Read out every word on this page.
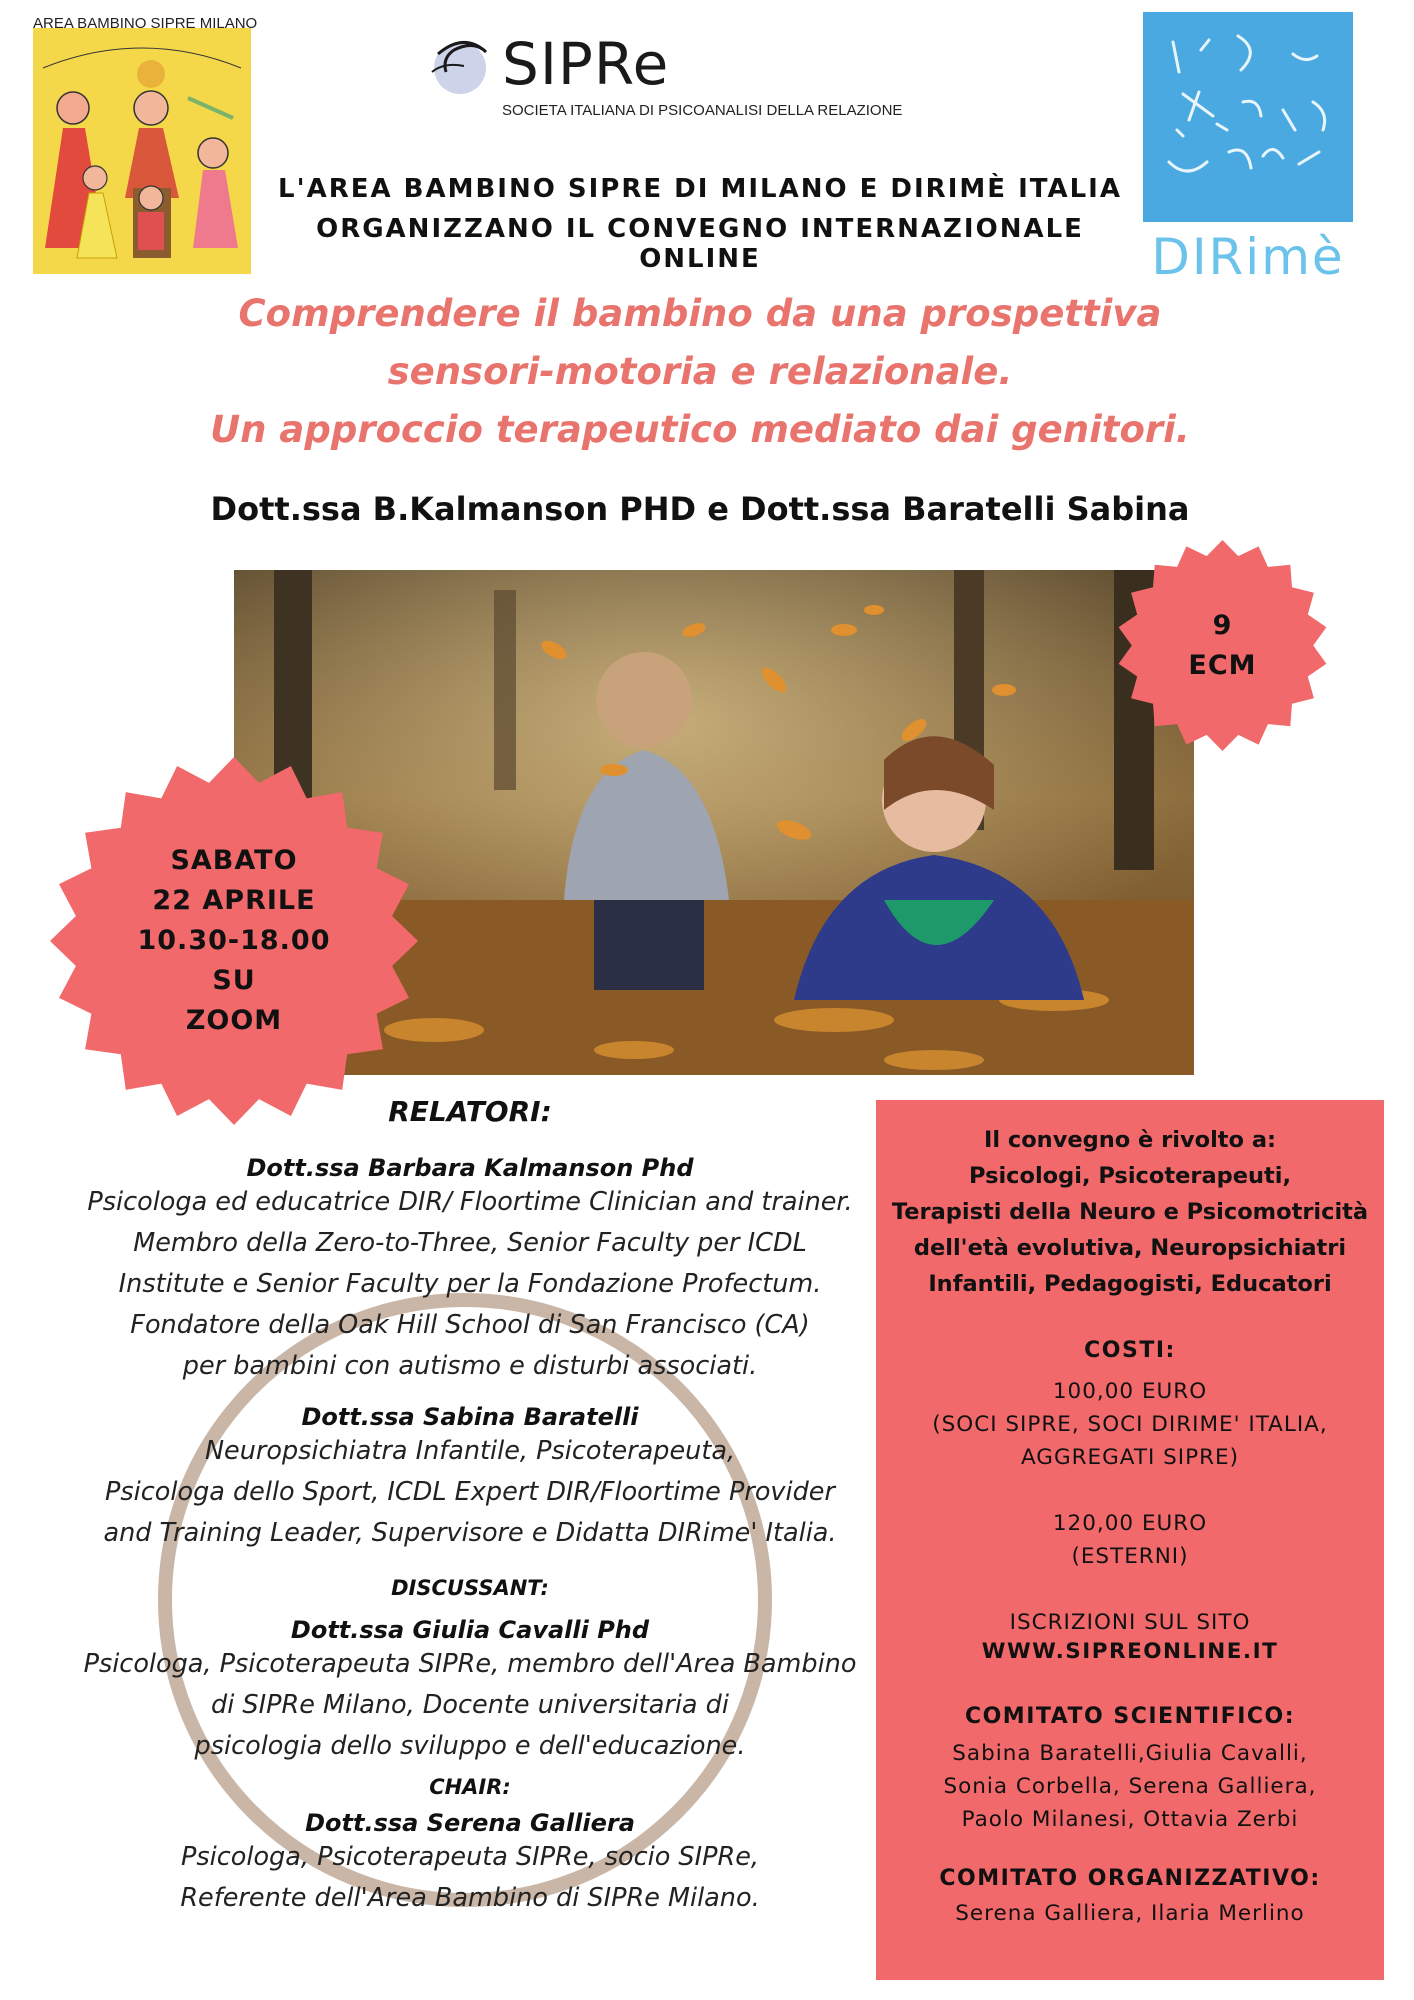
AREA BAMBINO SIPRE MILANO
SIPRe
SOCIETA ITALIANA DI PSICOANALISI DELLA RELAZIONE
DIRimè
L'AREA BAMBINO SIPRE DI MILANO E DIRIMÈ ITALIA
ORGANIZZANO IL CONVEGNO INTERNAZIONALE ONLINE
Comprendere il bambino da una prospettiva
sensori-motoria e relazionale.
Un approccio terapeutico mediato dai genitori.
Dott.ssa B.Kalmanson PHD e Dott.ssa Baratelli Sabina
9
ECM
SABATO
22 APRILE
10.30-18.00
SU
ZOOM
RELATORI:
Dott.ssa Barbara Kalmanson Phd
Psicologa ed educatrice DIR/ Floortime Clinician and trainer.
Membro della Zero-to-Three, Senior Faculty per ICDL
Institute e Senior Faculty per la Fondazione Profectum.
Fondatore della Oak Hill School di San Francisco (CA)
per bambini con autismo e disturbi associati.
Dott.ssa Sabina Baratelli
Neuropsichiatra Infantile, Psicoterapeuta,
Psicologa dello Sport, ICDL Expert DIR/Floortime Provider
and Training Leader, Supervisore e Didatta DIRime' Italia.
DISCUSSANT:
Dott.ssa Giulia Cavalli Phd
Psicologa, Psicoterapeuta SIPRe, membro dell'Area Bambino
di SIPRe Milano, Docente universitaria di
psicologia dello sviluppo e dell'educazione.
CHAIR:
Dott.ssa Serena Galliera
Psicologa, Psicoterapeuta SIPRe, socio SIPRe,
Referente dell'Area Bambino di SIPRe Milano.
Il convegno è rivolto a:
Psicologi, Psicoterapeuti,
Terapisti della Neuro e Psicomotricità
dell'età evolutiva, Neuropsichiatri
Infantili, Pedagogisti, Educatori
COSTI:
100,00 EURO
(SOCI SIPRE, SOCI DIRIME' ITALIA,
AGGREGATI SIPRE)
120,00 EURO
(ESTERNI)
ISCRIZIONI SUL SITO
WWW.SIPREONLINE.IT
COMITATO SCIENTIFICO:
Sabina Baratelli,Giulia Cavalli,
Sonia Corbella, Serena Galliera,
Paolo Milanesi, Ottavia Zerbi
COMITATO ORGANIZZATIVO:
Serena Galliera, Ilaria Merlino
